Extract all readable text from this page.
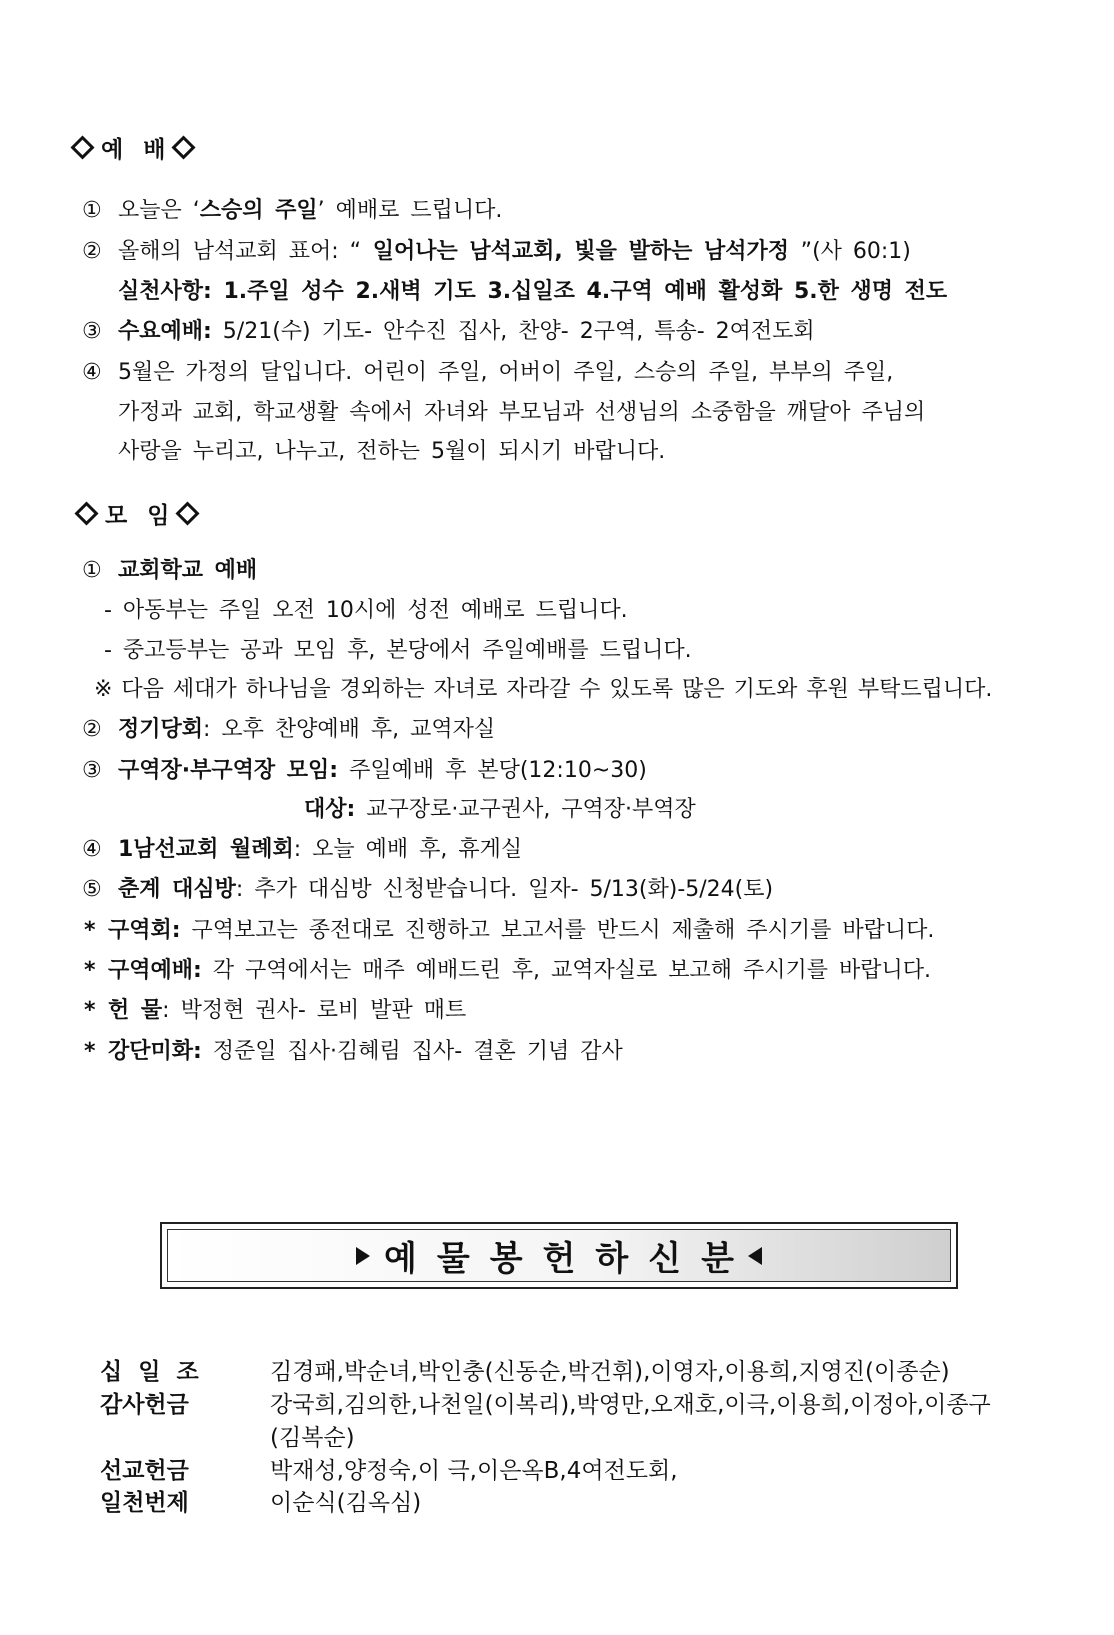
예 배
① 오늘은 ‘스승의 주일’ 예배로 드립니다.
② 올해의 남석교회 표어: “ 일어나는 남석교회, 빛을 발하는 남석가정 ”(사 60:1)
실천사항: 1.주일 성수 2.새벽 기도 3.십일조 4.구역 예배 활성화 5.한 생명 전도
③ 수요예배: 5/21(수) 기도- 안수진 집사, 찬양- 2구역, 특송- 2여전도회
④ 5월은 가정의 달입니다. 어린이 주일, 어버이 주일, 스승의 주일, 부부의 주일,
가정과 교회, 학교생활 속에서 자녀와 부모님과 선생님의 소중함을 깨달아 주님의
사랑을 누리고, 나누고, 전하는 5월이 되시기 바랍니다.
모 임
① 교회학교 예배
- 아동부는 주일 오전 10시에 성전 예배로 드립니다.
- 중고등부는 공과 모임 후, 본당에서 주일예배를 드립니다.
※ 다음 세대가 하나님을 경외하는 자녀로 자라갈 수 있도록 많은 기도와 후원 부탁드립니다.
② 정기당회: 오후 찬양예배 후, 교역자실
③ 구역장·부구역장 모임: 주일예배 후 본당(12:10~30)
대상: 교구장로·교구권사, 구역장·부역장
④ 1남선교회 월례회: 오늘 예배 후, 휴게실
⑤ 춘계 대심방: 추가 대심방 신청받습니다. 일자- 5/13(화)-5/24(토)
* 구역회: 구역보고는 종전대로 진행하고 보고서를 반드시 제출해 주시기를 바랍니다.
* 구역예배: 각 구역에서는 매주 예배드린 후, 교역자실로 보고해 주시기를 바랍니다.
* 헌 물: 박정현 권사- 로비 발판 매트
* 강단미화: 정준일 집사·김혜림 집사- 결혼 기념 감사
예물봉헌하신분
십 일 조	김경패,박순녀,박인충(신동순,박건휘),이영자,이용희,지영진(이종순)
감사헌금	강국희,김의한,나천일(이복리),박영만,오재호,이극,이용희,이정아,이종구
(김복순)
선교헌금	박재성,양정숙,이 극,이은옥B,4여전도회,
일천번제	이순식(김옥심)
